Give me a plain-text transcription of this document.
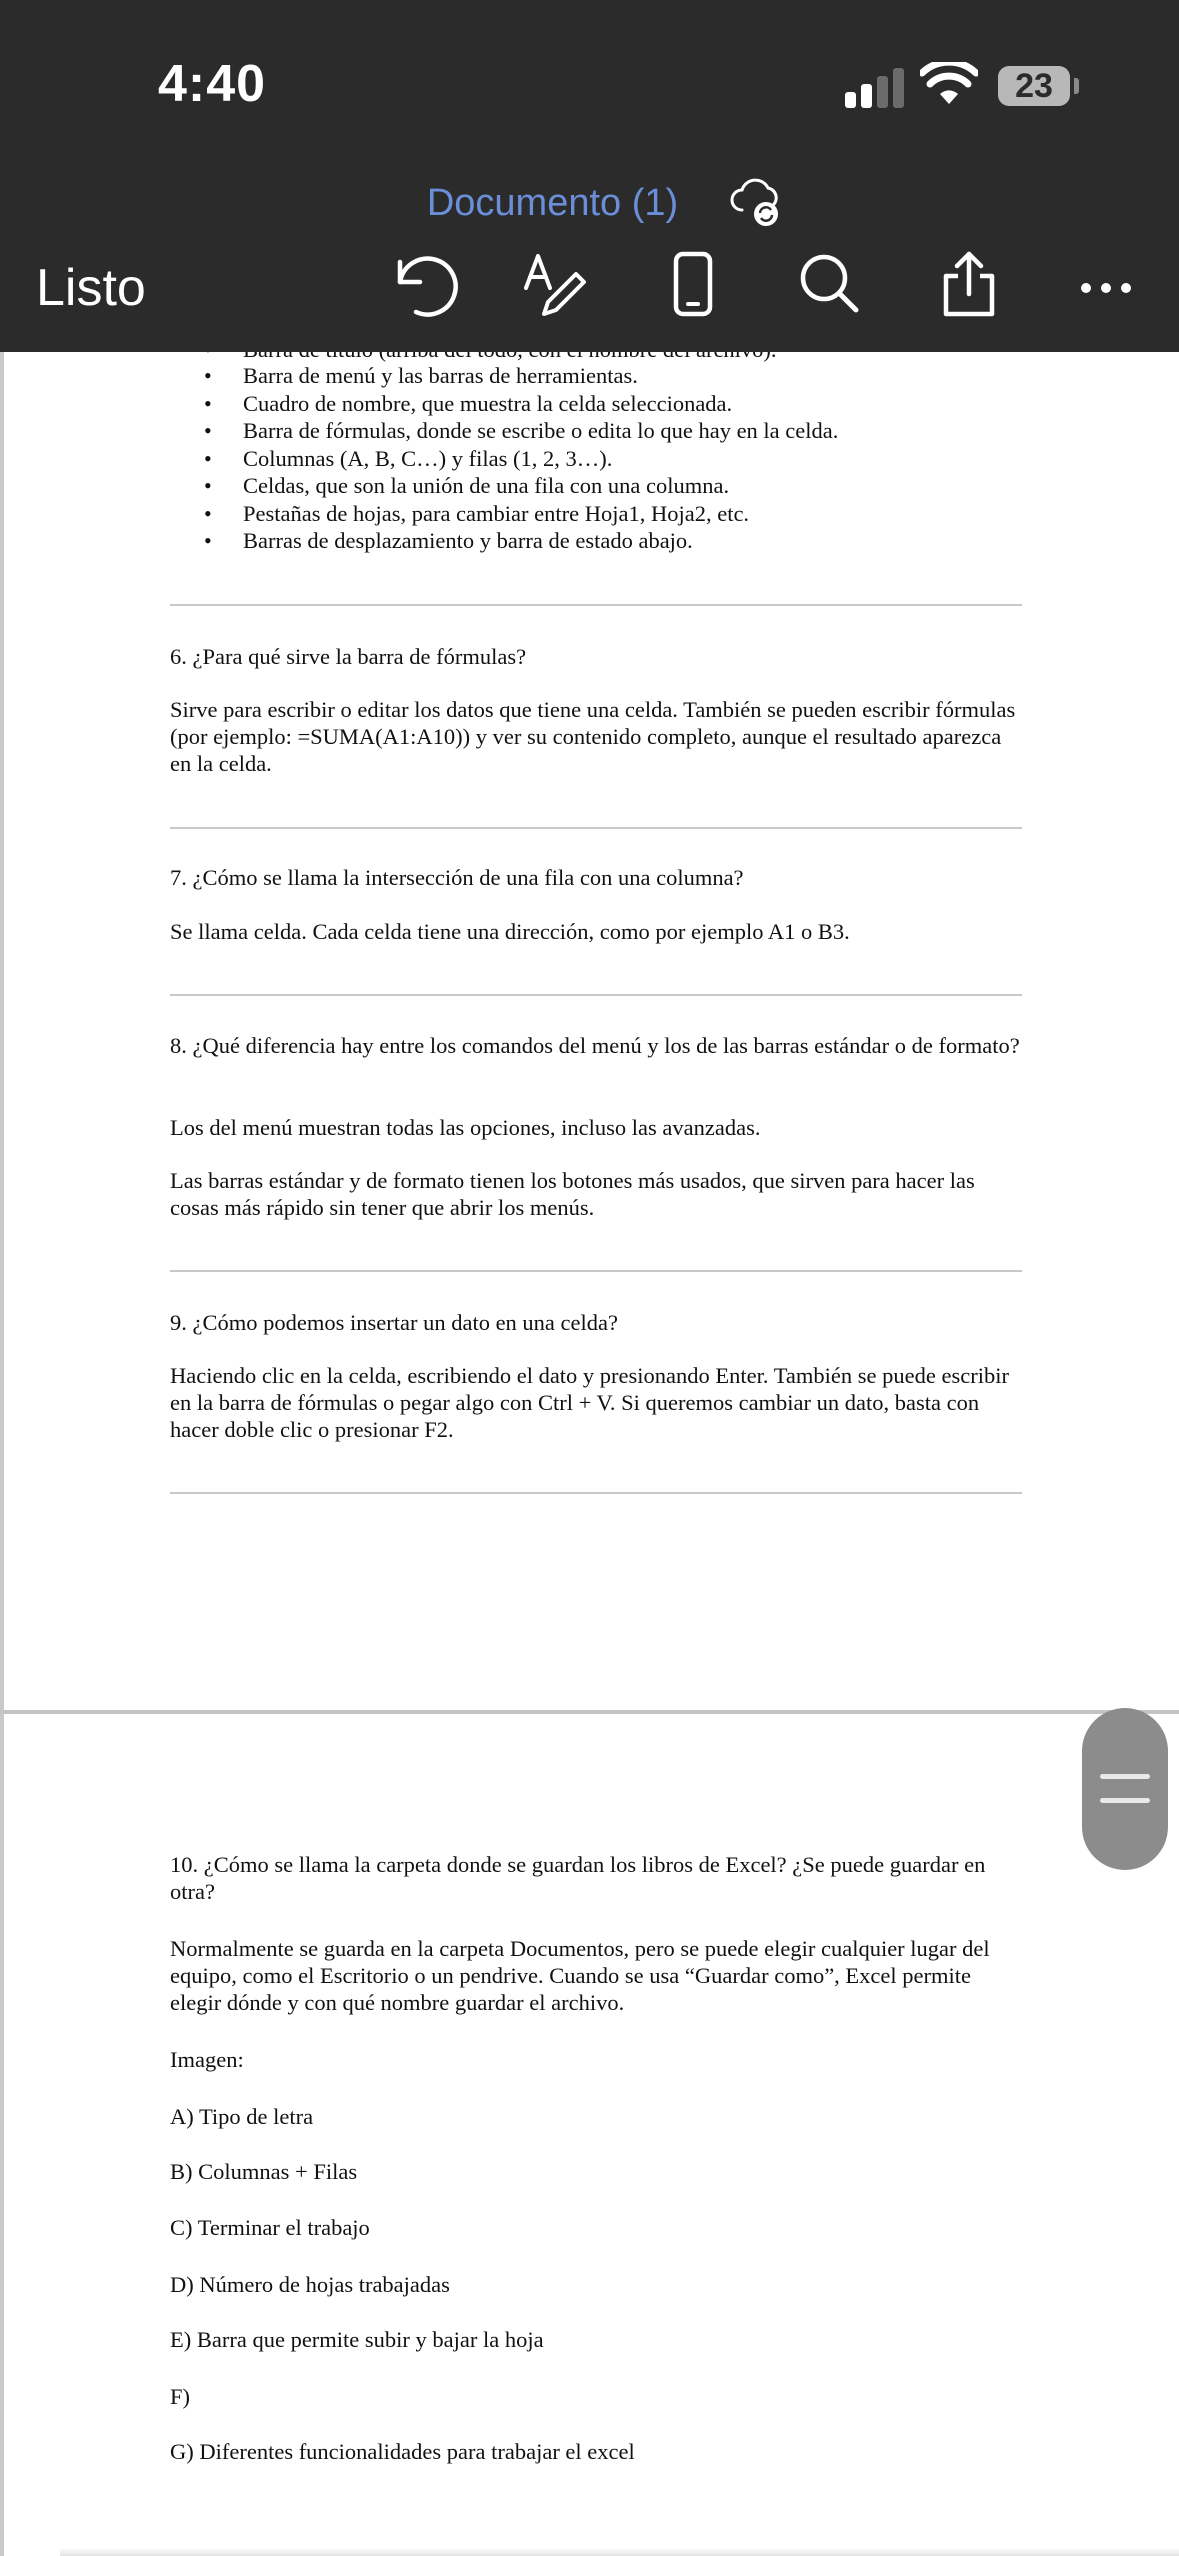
• Barra de menú y las barras de herramientas.
• Cuadro de nombre, que muestra la celda seleccionada.
• Barra de fórmulas, donde se escribe o edita lo que hay en la celda.
• Columnas (A, B, C…) y filas (1, 2, 3…).
• Celdas, que son la unión de una fila con una columna.
• Pestañas de hojas, para cambiar entre Hoja1, Hoja2, etc.
• Barras de desplazamiento y barra de estado abajo.

6. ¿Para qué sirve la barra de fórmulas?

Sirve para escribir o editar los datos que tiene una celda. También se pueden escribir fórmulas (por ejemplo: =SUMA(A1:A10)) y ver su contenido completo, aunque el resultado aparezca en la celda.

7. ¿Cómo se llama la intersección de una fila con una columna?

Se llama celda. Cada celda tiene una dirección, como por ejemplo A1 o B3.

8. ¿Qué diferencia hay entre los comandos del menú y los de las barras estándar o de formato?

Los del menú muestran todas las opciones, incluso las avanzadas.

Las barras estándar y de formato tienen los botones más usados, que sirven para hacer las cosas más rápido sin tener que abrir los menús.

9. ¿Cómo podemos insertar un dato en una celda?

Haciendo clic en la celda, escribiendo el dato y presionando Enter. También se puede escribir en la barra de fórmulas o pegar algo con Ctrl + V. Si queremos cambiar un dato, basta con hacer doble clic o presionar F2.

10. ¿Cómo se llama la carpeta donde se guardan los libros de Excel? ¿Se puede guardar en otra?

Normalmente se guarda en la carpeta Documentos, pero se puede elegir cualquier lugar del equipo, como el Escritorio o un pendrive. Cuando se usa “Guardar como”, Excel permite elegir dónde y con qué nombre guardar el archivo.

Imagen:

A) Tipo de letra

B) Columnas + Filas

C) Terminar el trabajo

D) Número de hojas trabajadas

E) Barra que permite subir y bajar la hoja

F)

G) Diferentes funcionalidades para trabajar el excel

4:40	23
Documento (1)
Listo
